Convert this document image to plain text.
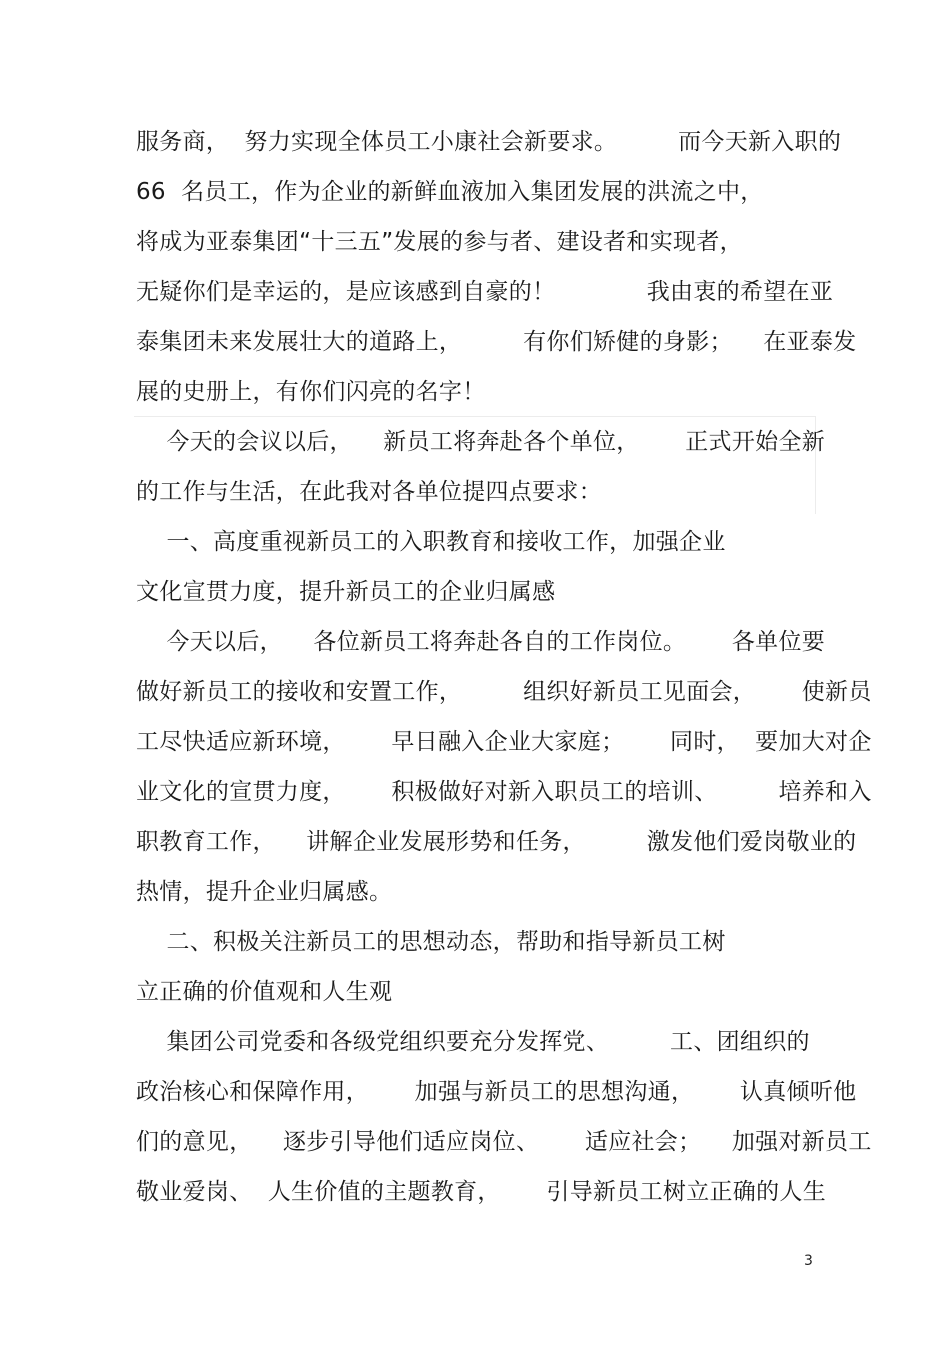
服务商，  努力实现全体员工小康社会新要求。        而今天新入职的
66  名员工，作为企业的新鲜血液加入集团发展的洪流之中，
将成为亚泰集团“十三五”发展的参与者、建设者和实现者，
无疑你们是幸运的，是应该感到自豪的！            我由衷的希望在亚
泰集团未来发展壮大的道路上，        有你们矫健的身影；    在亚泰发
展的史册上，有你们闪亮的名字！
今天的会议以后，    新员工将奔赴各个单位，      正式开始全新
的工作与生活，在此我对各单位提四点要求：
一、高度重视新员工的入职教育和接收工作，加强企业
文化宣贯力度，提升新员工的企业归属感
今天以后，    各位新员工将奔赴各自的工作岗位。      各单位要
做好新员工的接收和安置工作，        组织好新员工见面会，      使新员
工尽快适应新环境，      早日融入企业大家庭；      同时，  要加大对企
业文化的宣贯力度，      积极做好对新入职员工的培训、        培养和入
职教育工作，    讲解企业发展形势和任务，        激发他们爱岗敬业的
热情，提升企业归属感。
二、积极关注新员工的思想动态，帮助和指导新员工树
立正确的价值观和人生观
集团公司党委和各级党组织要充分发挥党、        工、团组织的
政治核心和保障作用，      加强与新员工的思想沟通，      认真倾听他
们的意见，    逐步引导他们适应岗位、      适应社会；    加强对新员工
敬业爱岗、  人生价值的主题教育，      引导新员工树立正确的人生
3
